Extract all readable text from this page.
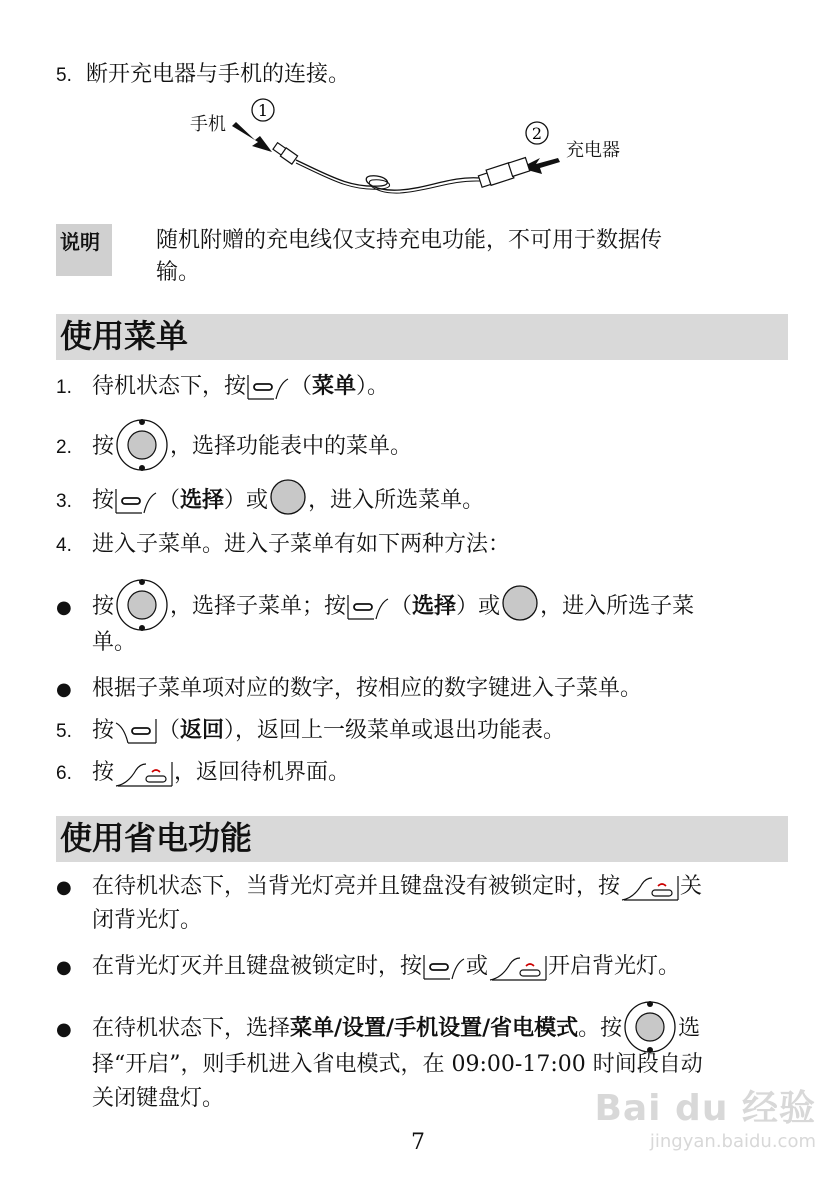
5. 断开充电器与手机的连接。
手机
充电器
1
2
说明	随机附赠的充电线仅支持充电功能，不可用于数据传
输。
使用菜单
1. 待机状态下，按 （菜单）。
2. 按	，选择功能表中的菜单。
3. 按 （选择）或 ，进入所选菜单。
4. 进入子菜单。进入子菜单有如下两种方法：
● 按	，选择子菜单；按 （选择）或 ，进入所选子菜
单。
● 根据子菜单项对应的数字，按相应的数字键进入子菜单。
5. 按 （返回），返回上一级菜单或退出功能表。
6. 按	，返回待机界面。
使用省电功能
● 在待机状态下，当背光灯亮并且键盘没有被锁定时，按	关
闭背光灯。
● 在背光灯灭并且键盘被锁定时，按 或	开启背光灯。
● 在待机状态下，选择菜单/设置/手机设置/省电模式。按	选
择“开启”，则手机进入省电模式，在 09:00-17:00 时间段自动
关闭键盘灯。
7
Bai du 经验
jingyan.baidu.com
